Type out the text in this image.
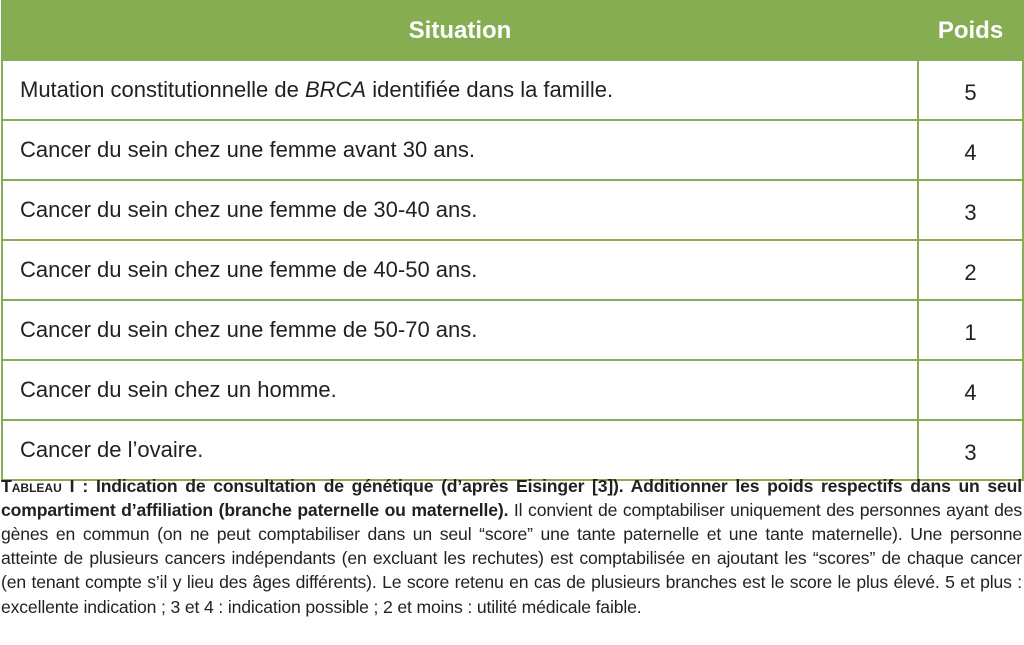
Situation	Poids
Mutation constitutionnelle de BRCA identifiée dans la famille.	5
Cancer du sein chez une femme avant 30 ans.	4
Cancer du sein chez une femme de 30-40 ans.	3
Cancer du sein chez une femme de 40-50 ans.	2
Cancer du sein chez une femme de 50-70 ans.	1
Cancer du sein chez un homme.	4
Cancer de l’ovaire.	3

Tableau I : Indication de consultation de génétique (d’après Eisinger [3]). Additionner les poids respectifs dans un seul compartiment d’affiliation (branche paternelle ou maternelle). Il convient de comptabiliser uniquement des personnes ayant des gènes en commun (on ne peut comptabiliser dans un seul “score” une tante paternelle et une tante maternelle). Une personne atteinte de plusieurs cancers indépendants (en excluant les rechutes) est comptabilisée en ajoutant les “scores” de chaque cancer (en tenant compte s’il y lieu des âges différents). Le score retenu en cas de plusieurs branches est le score le plus élevé. 5 et plus : excellente indication ; 3 et 4 : indication possible ; 2 et moins : utilité médicale faible.
